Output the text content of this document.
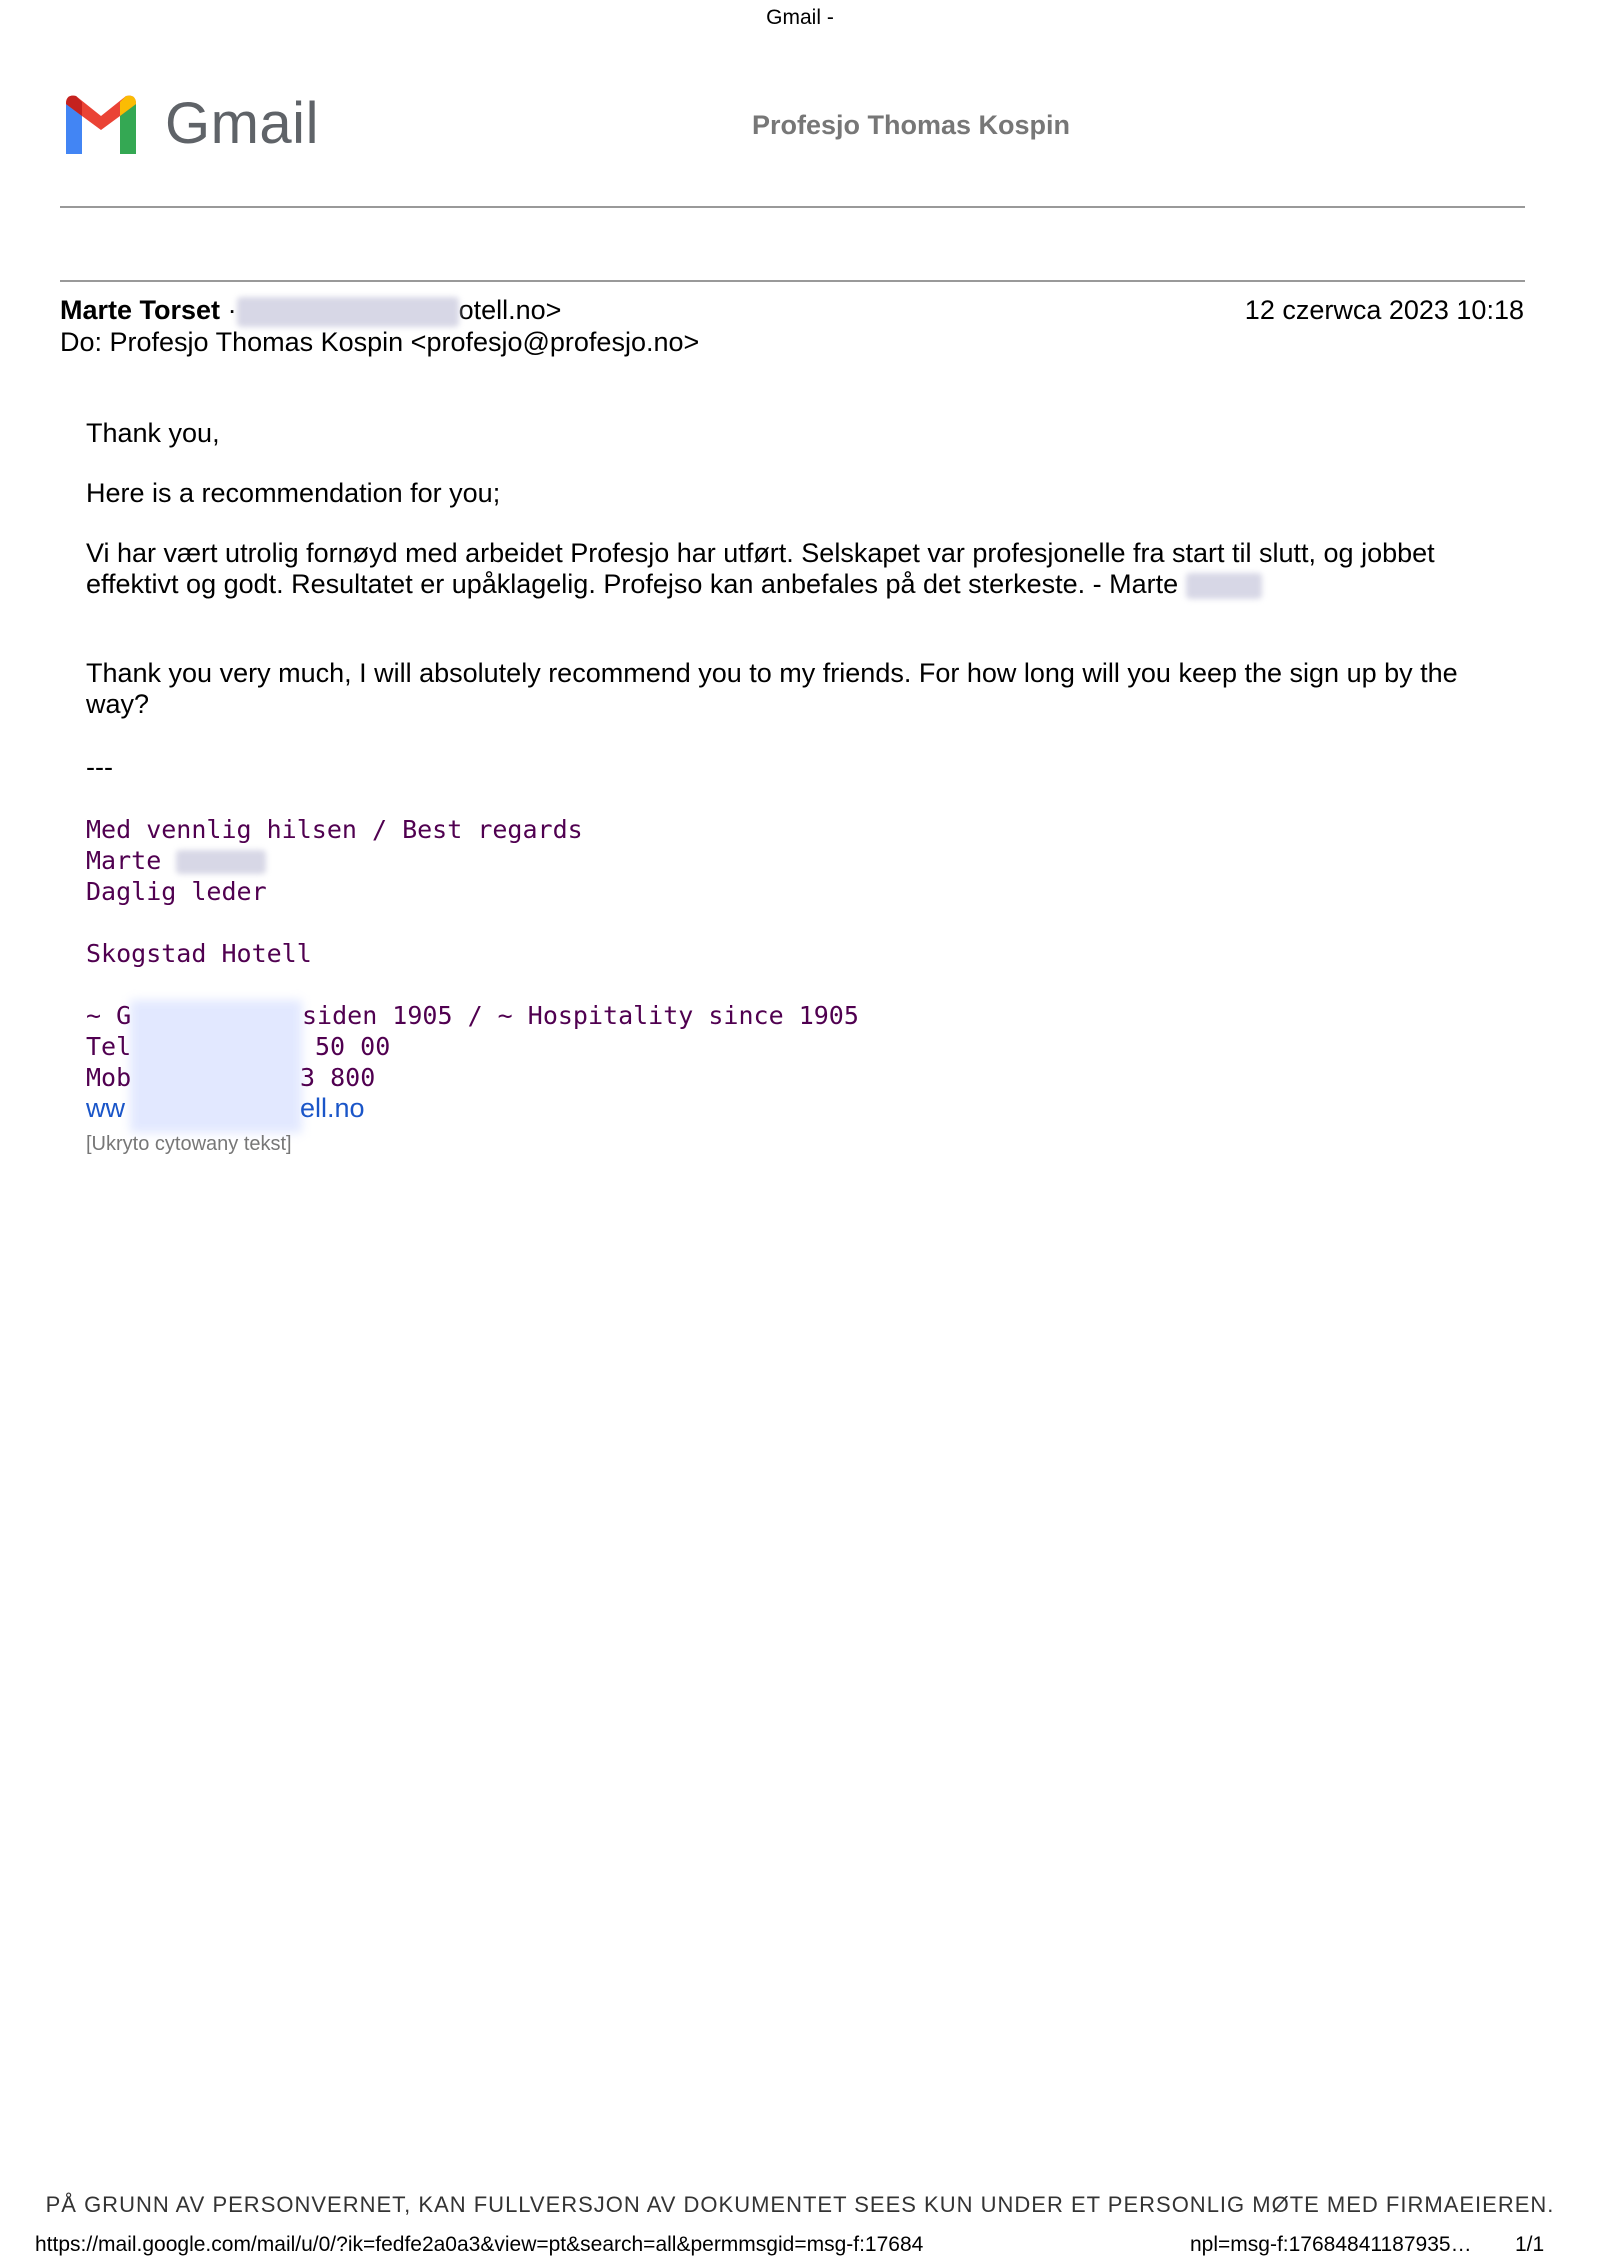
Gmail -
Gmail	Profesjo Thomas Kospin
Marte Torset ·	otell.no>	12 czerwca 2023 10:18
Do: Profesjo Thomas Kospin <profesjo@profesjo.no>
Thank you,
Here is a recommendation for you;
Vi har vært utrolig fornøyd med arbeidet Profesjo har utført. Selskapet var profesjonelle fra start til slutt, og jobbet effektivt og godt. Resultatet er upåklagelig. Profejso kan anbefales på det sterkeste. - Marte
Thank you very much, I will absolutely recommend you to my friends. For how long will you keep the sign up by the way?
---
Med vennlig hilsen / Best regards
Marte
Daglig leder
Skogstad Hotell
~ G	siden 1905 / ~ Hospitality since 1905
Tel	50 00
Mob	3 800
ww	ell.no
[Ukryto cytowany tekst]
PÅ GRUNN AV PERSONVERNET, KAN FULLVERSJON AV DOKUMENTET SEES KUN UNDER ET PERSONLIG MØTE MED FIRMAEIEREN.
https://mail.google.com/mail/u/0/?ik=fedfe2a0a3&view=pt&search=all&permmsgid=msg-f:17684	npl=msg-f:17684841187935… 1/1
